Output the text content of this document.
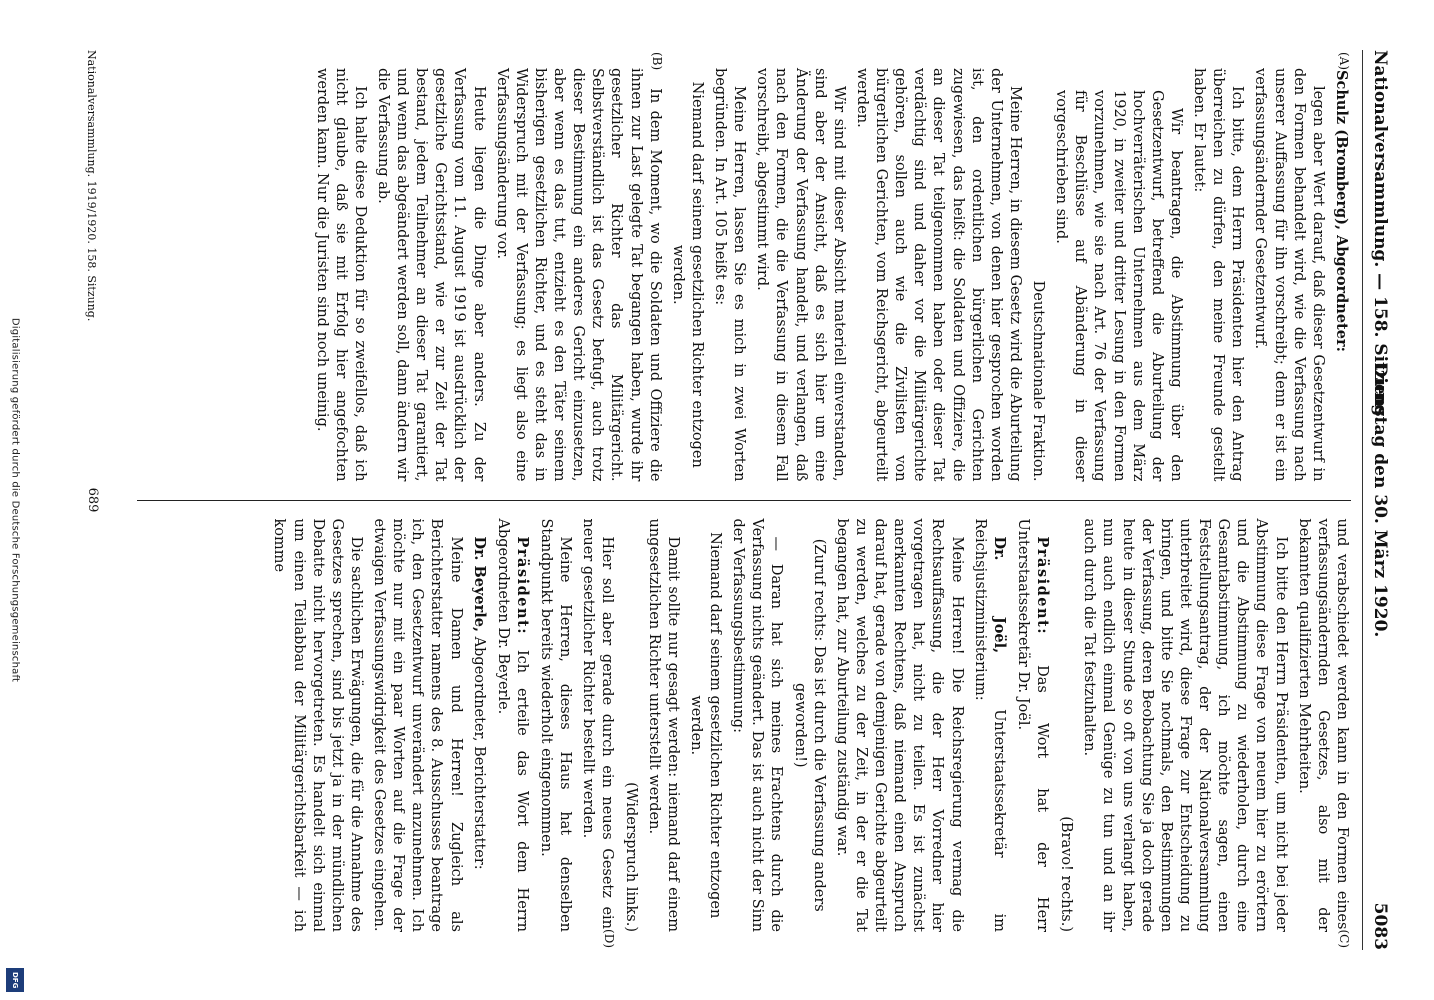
Digitalisierung gefördert durch die Deutsche Forschungsgemeinschaft
DFG
Nationalversammlung. — 158. Sitzung.
Dienstag den 30. März 1920.
5083
(A)

Schulz (Bromberg), Abgeordneter:

legen aber Wert darauf, daß dieser Gesetzentwurf in den Formen behandelt wird, wie die Verfassung nach unserer Auffassung für ihn vorschreibt; denn er ist ein verfassungsändernder Gesetzentwurf.

Ich bitte, dem Herrn Präsidenten hier den Antrag überreichen zu dürfen, den meine Freunde gestellt haben. Er lautet:

Wir beantragen, die Abstimmung über den Gesetzentwurf, betreffend die Aburteilung der hochverräterischen Unternehmen aus dem März 1920, in zweiter und dritter Lesung in den Formen vorzunehmen, wie sie nach Art. 76 der Verfassung für Beschlüsse auf Abänderung in dieser vorgeschrieben sind.

Deutschnationale Fraktion.

Meine Herren, in diesem Gesetz wird die Aburteilung der Unternehmen, von denen hier gesprochen worden ist, den ordentlichen bürgerlichen Gerichten zugewiesen, das heißt: die Soldaten und Offiziere, die an dieser Tat teilgenommen haben oder dieser Tat verdächtig sind und daher vor die Militärgerichte gehören, sollen auch wie die Zivilisten von bürgerlichen Gerichten, vom Reichsgericht, abgeurteilt werden.

Wir sind mit dieser Absicht materiell einverstanden, sind aber der Ansicht, daß es sich hier um eine Änderung der Verfassung handelt, und verlangen, daß nach den Formen, die die Verfassung in diesem Fall vorschreibt, abgestimmt wird.

Meine Herren, lassen Sie es mich in zwei Worten begründen. In Art. 105 heißt es:

Niemand darf seinem gesetzlichen Richter entzogen werden.

(B)

In dem Moment, wo die Soldaten und Offiziere die ihnen zur Last gelegte Tat begangen haben, wurde ihr gesetzlicher Richter das Militärgericht. Selbstverständlich ist das Gesetz befugt, auch trotz dieser Bestimmung ein anderes Gericht einzusetzen, aber wenn es das tut, entzieht es den Täter seinem bisherigen gesetzlichen Richter, und es steht das in Widerspruch mit der Verfassung; es liegt also eine Verfassungsänderung vor.

Heute liegen die Dinge aber anders. Zu der Verfassung vom 11. August 1919 ist ausdrücklich der gesetzliche Gerichtsstand, wie er zur Zeit der Tat bestand, jedem Teilnehmer an dieser Tat garantiert, und wenn das abgeändert werden soll, dann ändern wir die Verfassung ab.

Ich halte diese Deduktion für so zweifellos, daß ich nicht glaube, daß sie mit Erfolg hier angefochten werden kann. Nur die Juristen sind noch uneinig.

(C)

und verabschiedet werden kann in den Formen eines verfassungsändernden Gesetzes, also mit der bekannten qualifizierten Mehrheiten.

Ich bitte den Herrn Präsidenten, um nicht bei jeder Abstimmung diese Frage von neuem hier zu erörtern und die Abstimmung zu wiederholen, durch eine Gesamtabstimmung, ich möchte sagen, einen Feststellungsantrag, der der Nationalversammlung unterbreitet wird, diese Frage zur Entscheidung zu bringen, und bitte Sie nochmals, den Bestimmungen der Verfassung, deren Beobachtung Sie ja doch gerade heute in dieser Stunde so oft von uns verlangt haben, nun auch endlich einmal Genüge zu tun und an ihr auch durch die Tat festzuhalten.

(Bravo! rechts.)

Präsident: Das Wort hat der Herr Unterstaatssekretär Dr. Joël.

Dr. Joël, Unterstaatssekretär im Reichsjustizministerium:

Meine Herren! Die Reichsregierung vermag die Rechtsauffassung, die der Herr Vorredner hier vorgetragen hat, nicht zu teilen. Es ist zunächst anerkannten Rechtens, daß niemand einen Anspruch darauf hat, gerade von demjenigen Gerichte abgeurteilt zu werden, welches zu der Zeit, in der er die Tat begangen hat, zur Aburteilung zuständig war.

(Zuruf rechts: Das ist durch die Verfassung anders geworden!)

— Daran hat sich meines Erachtens durch die Verfassung nichts geändert. Das ist auch nicht der Sinn der Verfassungsbestimmung:

Niemand darf seinem gesetzlichen Richter entzogen werden.

Damit sollte nur gesagt werden: niemand darf einem ungesetzlichen Richter unterstellt werden.

(Widerspruch links.)

(D)

Hier soll aber gerade durch ein neues Gesetz ein neuer gesetzlicher Richter bestellt werden.

Meine Herren, dieses Haus hat denselben Standpunkt bereits wiederholt eingenommen.

Präsident: Ich erteile das Wort dem Herrn Abgeordneten Dr. Beyerle.

Dr. Beyerle, Abgeordneter, Berichterstatter:

Meine Damen und Herren! Zugleich als Berichterstatter namens des 8. Ausschusses beantrage ich, den Gesetzentwurf unverändert anzunehmen. Ich möchte nur mit ein paar Worten auf die Frage der etwaigen Verfassungswidrigkeit des Gesetzes eingehen.

Die sachlichen Erwägungen, die für die Annahme des Gesetzes sprechen, sind bis jetzt ja in der mündlichen Debatte nicht hervorgetreten. Es handelt sich einmal um einen Teilabbau der Militärgerichtsbarkeit — ich komme

Nationalversammlung. 1919/1920. 158. Sitzung.
689
